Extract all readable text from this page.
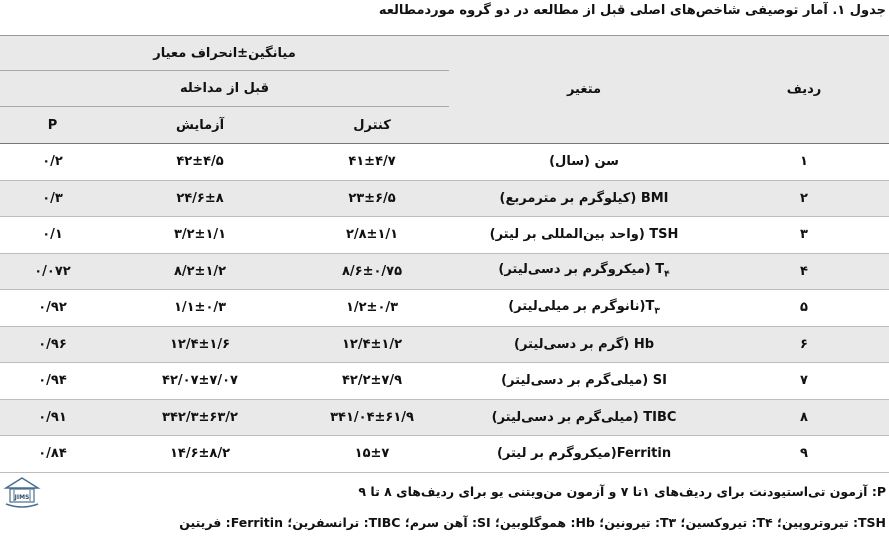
جدول ۱. آمار توصیفی شاخص‌های اصلی قبل از مطالعه در دو گروه موردمطالعه
ردیف	متغیر	میانگین±انحراف معیار		
		قبل از مداخله		
		کنترل	آزمایش	P
۱	سن (سال)	۴۱±۴/۷	۴۲±۴/۵	۰/۲
۲	BMI (کیلوگرم بر مترمربع)	۲۳±۶/۵	۲۴/۶±۸	۰/۳
۳	TSH (واحد بین‌المللی بر لیتر)	۲/۸±۱/۱	۳/۲±۱/۱	۰/۱
۴	$T_۴$ (میکروگرم بر دسی‌لیتر)	۸/۶±۰/۷۵	۸/۲±۱/۲	۰/۰۷۲
۵	$T_۳(نانوگرم$ بر میلی‌لیتر)	۱/۲±۰/۳	۱/۱±۰/۳	۰/۹۲
۶	Hb (گرم بر دسی‌لیتر)	۱۲/۴±۱/۲	۱۲/۴±۱/۶	۰/۹۶
۷	SI (میلی‌گرم بر دسی‌لیتر)	۴۲/۲±۷/۹	۴۲/۰۷±۷/۰۷	۰/۹۴
۸	TIBC (میلی‌گرم بر دسی‌لیتر)	۳۴۱/۰۴±۶۱/۹	۳۴۲/۳±۶۳/۲	۰/۹۱
۹	Ferritin(میکروگرم بر لیتر)	۱۵±۷	۱۴/۶±۸/۲	۰/۸۴
P: آزمون تی‌استیودنت برای ردیف‌های ۱تا ۷ و آزمون من‌ویتنی یو برای ردیف‌های ۸ تا ۹
TSH: تیروتروپین؛ T۴: تیروکسین؛ T۳: تیرونین؛ Hb: هموگلوبین؛ SI: آهن سرم؛ TIBC: ترانسفرین؛ Ferritin: فریتین
JIMS
